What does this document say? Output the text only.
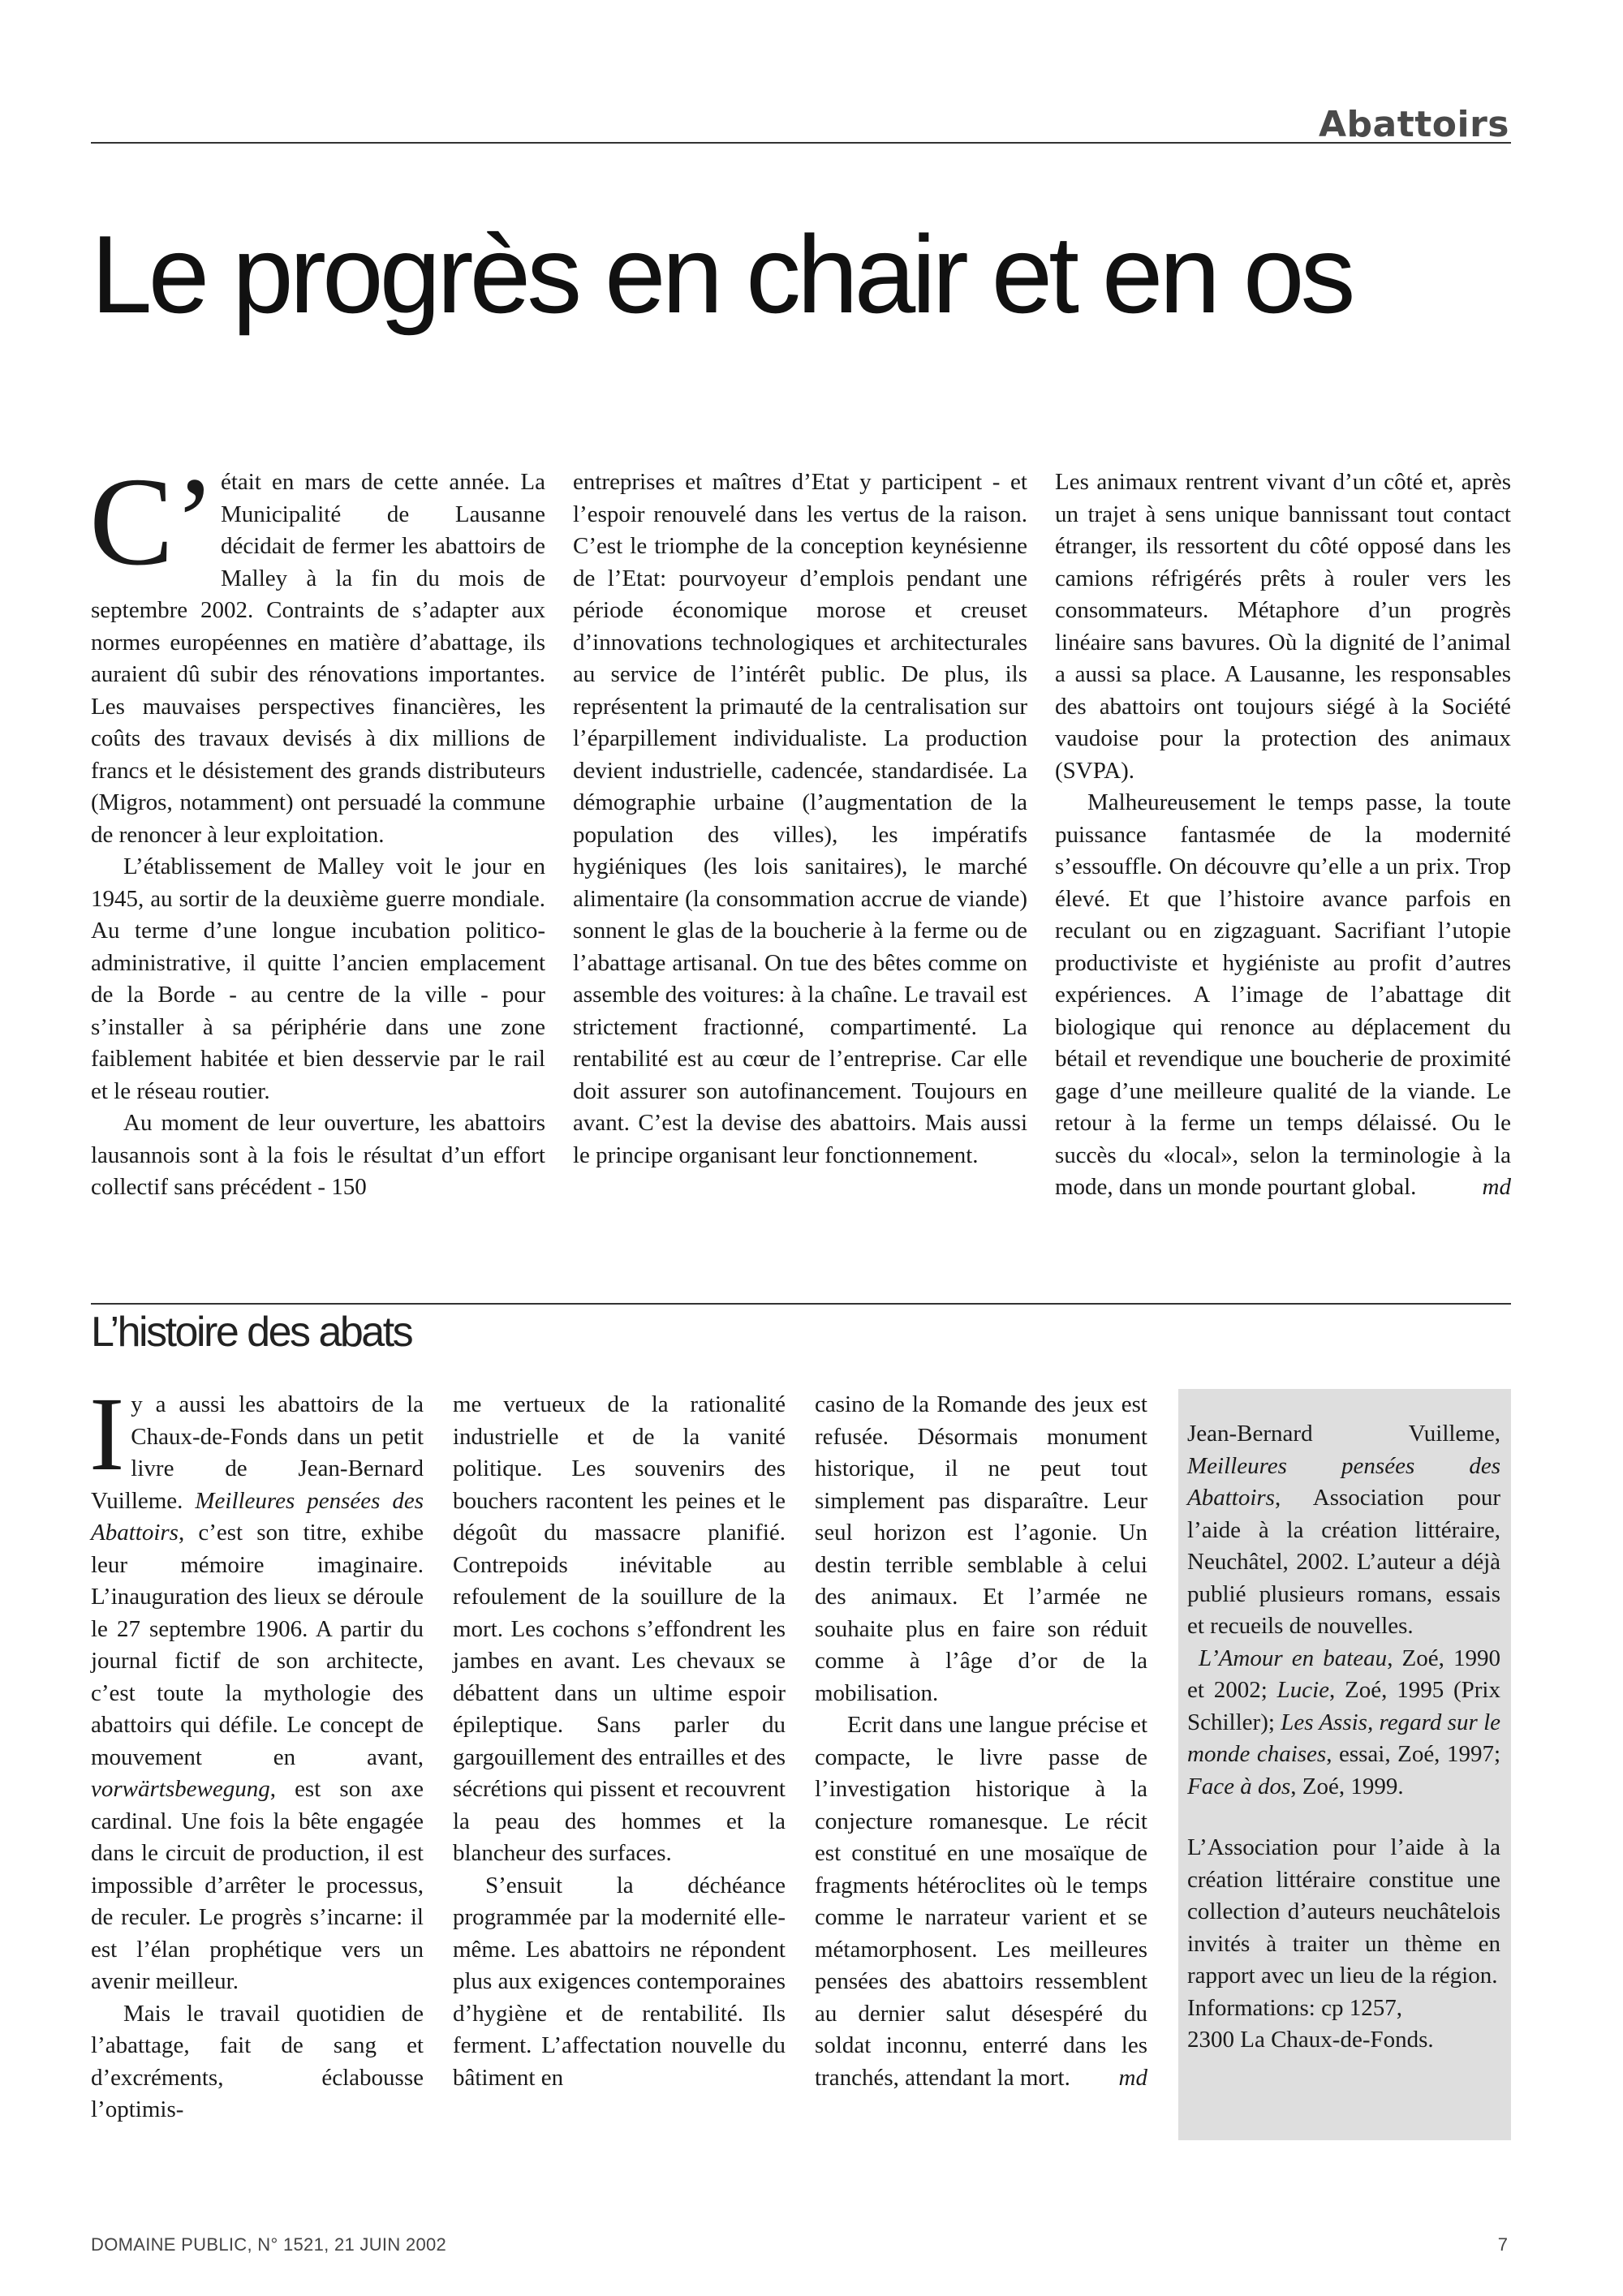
Abattoirs
Le progrès en chair et en os

C’ était en mars de cette année. La Municipalité de Lausanne décidait de fermer les abattoirs de Malley à la fin du mois de septembre 2002. Contraints de s’adapter aux normes européennes en matière d’abattage, ils auraient dû subir des rénovations importantes. Les mauvaises perspectives financières, les coûts des travaux devisés à dix millions de francs et le désistement des grands distributeurs (Migros, notamment) ont persuadé la commune de renoncer à leur exploitation.

L’établissement de Malley voit le jour en 1945, au sortir de la deuxième guerre mondiale. Au terme d’une longue incubation politico-administrative, il quitte l’ancien emplacement de la Borde - au centre de la ville - pour s’installer à sa périphérie dans une zone faiblement habitée et bien desservie par le rail et le réseau routier.

Au moment de leur ouverture, les abattoirs lausannois sont à la fois le résultat d’un effort collectif sans précédent - 150

entreprises et maîtres d’Etat y participent - et l’espoir renouvelé dans les vertus de la raison. C’est le triomphe de la conception keynésienne de l’Etat: pourvoyeur d’emplois pendant une période économique morose et creuset d’innovations technologiques et architecturales au service de l’intérêt public. De plus, ils représentent la primauté de la centralisation sur l’éparpillement individualiste. La production devient industrielle, cadencée, standardisée. La démographie urbaine (l’augmentation de la population des villes), les impératifs hygiéniques (les lois sanitaires), le marché alimentaire (la consommation accrue de viande) sonnent le glas de la boucherie à la ferme ou de l’abattage artisanal. On tue des bêtes comme on assemble des voitures: à la chaîne. Le travail est strictement fractionné, compartimenté. La rentabilité est au cœur de l’entreprise. Car elle doit assurer son autofinancement. Toujours en avant. C’est la devise des abattoirs. Mais aussi le principe organisant leur fonctionnement.

Les animaux rentrent vivant d’un côté et, après un trajet à sens unique bannissant tout contact étranger, ils ressortent du côté opposé dans les camions réfrigérés prêts à rouler vers les consommateurs. Métaphore d’un progrès linéaire sans bavures. Où la dignité de l’animal a aussi sa place. A Lausanne, les responsables des abattoirs ont toujours siégé à la Société vaudoise pour la protection des animaux (SVPA).

Malheureusement le temps passe, la toute puissance fantasmée de la modernité s’essouffle. On découvre qu’elle a un prix. Trop élevé. Et que l’histoire avance parfois en reculant ou en zigzaguant. Sacrifiant l’utopie productiviste et hygiéniste au profit d’autres expériences. A l’image de l’abattage dit biologique qui renonce au déplacement du bétail et revendique une boucherie de proximité gage d’une meilleure qualité de la viande. Le retour à la ferme un temps délaissé. Ou le succès du «local», selon la terminologie à la mode, dans un monde pourtant global.	md

L’histoire des abats

Iy a aussi les abattoirs de la Chaux-de-Fonds dans un petit livre de Jean-Bernard Vuilleme. Meilleures pensées des Abattoirs, c’est son titre, exhibe leur mémoire imaginaire. L’inauguration des lieux se déroule le 27 septembre 1906. A partir du journal fictif de son architecte, c’est toute la mythologie des abattoirs qui défile. Le concept de mouvement en avant, vorwärtsbewegung, est son axe cardinal. Une fois la bête engagée dans le circuit de production, il est impossible d’arrêter le processus, de reculer. Le progrès s’incarne: il est l’élan prophétique vers un avenir meilleur.

Mais le travail quotidien de l’abattage, fait de sang et d’excréments, éclabousse l’optimis-

me vertueux de la rationalité industrielle et de la vanité politique. Les souvenirs des bouchers racontent les peines et le dégoût du massacre planifié. Contrepoids inévitable au refoulement de la souillure de la mort. Les cochons s’effondrent les jambes en avant. Les chevaux se débattent dans un ultime espoir épileptique. Sans parler du gargouillement des entrailles et des sécrétions qui pissent et recouvrent la peau des hommes et la blancheur des surfaces.

S’ensuit la déchéance programmée par la modernité elle-même. Les abattoirs ne répondent plus aux exigences contemporaines d’hygiène et de rentabilité. Ils ferment. L’affectation nouvelle du bâtiment en

casino de la Romande des jeux est refusée. Désormais monument historique, il ne peut tout simplement pas disparaître. Leur seul horizon est l’agonie. Un destin terrible semblable à celui des animaux. Et l’armée ne souhaite plus en faire son réduit comme à l’âge d’or de la mobilisation.

Ecrit dans une langue précise et compacte, le livre passe de l’investigation historique à la conjecture romanesque. Le récit est constitué en une mosaïque de fragments hétéroclites où le temps comme le narrateur varient et se métamorphosent. Les meilleures pensées des abattoirs ressemblent au dernier salut désespéré du soldat inconnu, enterré dans les tranchés, attendant la mort.	md

Jean-Bernard Vuilleme, Meilleures pensées des Abattoirs, Association pour l’aide à la création littéraire, Neuchâtel, 2002. L’auteur a déjà publié plusieurs romans, essais et recueils de nouvelles.

L’Amour en bateau, Zoé, 1990 et 2002; Lucie, Zoé, 1995 (Prix Schiller); Les Assis, regard sur le monde chaises, essai, Zoé, 1997; Face à dos, Zoé, 1999.

L’Association pour l’aide à la création littéraire constitue une collection d’auteurs neuchâtelois invités à traiter un thème en rapport avec un lieu de la région.

Informations: cp 1257,
2300 La Chaux-de-Fonds.

DOMAINE PUBLIC, N° 1521, 21 JUIN 2002	7
